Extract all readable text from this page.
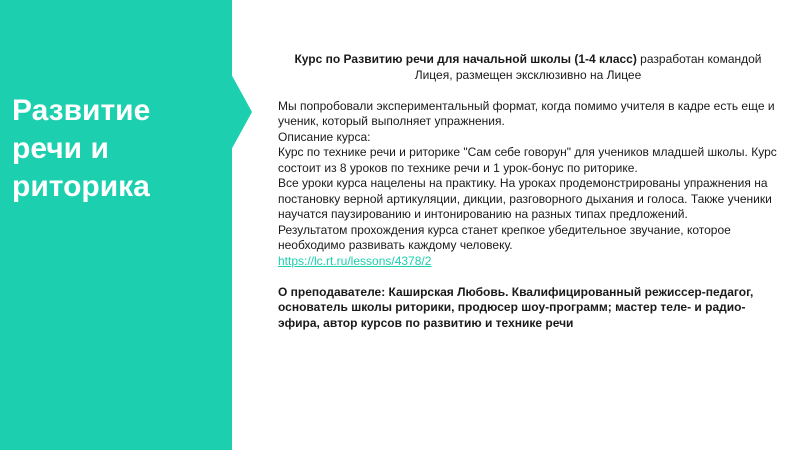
Развитие речи и риторика
Курс по Развитию речи для начальной школы (1-4 класс) разработан командой Лицея, размещен эксклюзивно на Лицее
Мы попробовали экспериментальный формат, когда помимо учителя в кадре есть еще и ученик, который выполняет упражнения.
Описание курса:
Курс по технике речи и риторике "Сам себе говорун" для учеников младшей школы. Курс состоит из 8 уроков по технике речи и 1 урок-бонус по риторике.
Все уроки курса нацелены на практику. На уроках продемонстрированы упражнения на постановку верной артикуляции, дикции, разговорного дыхания и голоса. Также ученики научатся паузированию и интонированию на разных типах предложений.
Результатом прохождения курса станет крепкое убедительное звучание, которое необходимо развивать каждому человеку.
https://lc.rt.ru/lessons/4378/2
О преподавателе: Каширская Любовь. Квалифицированный режиссер-педагог, основатель школы риторики, продюсер шоу-программ; мастер теле- и радио-эфира, автор курсов по развитию и технике речи
